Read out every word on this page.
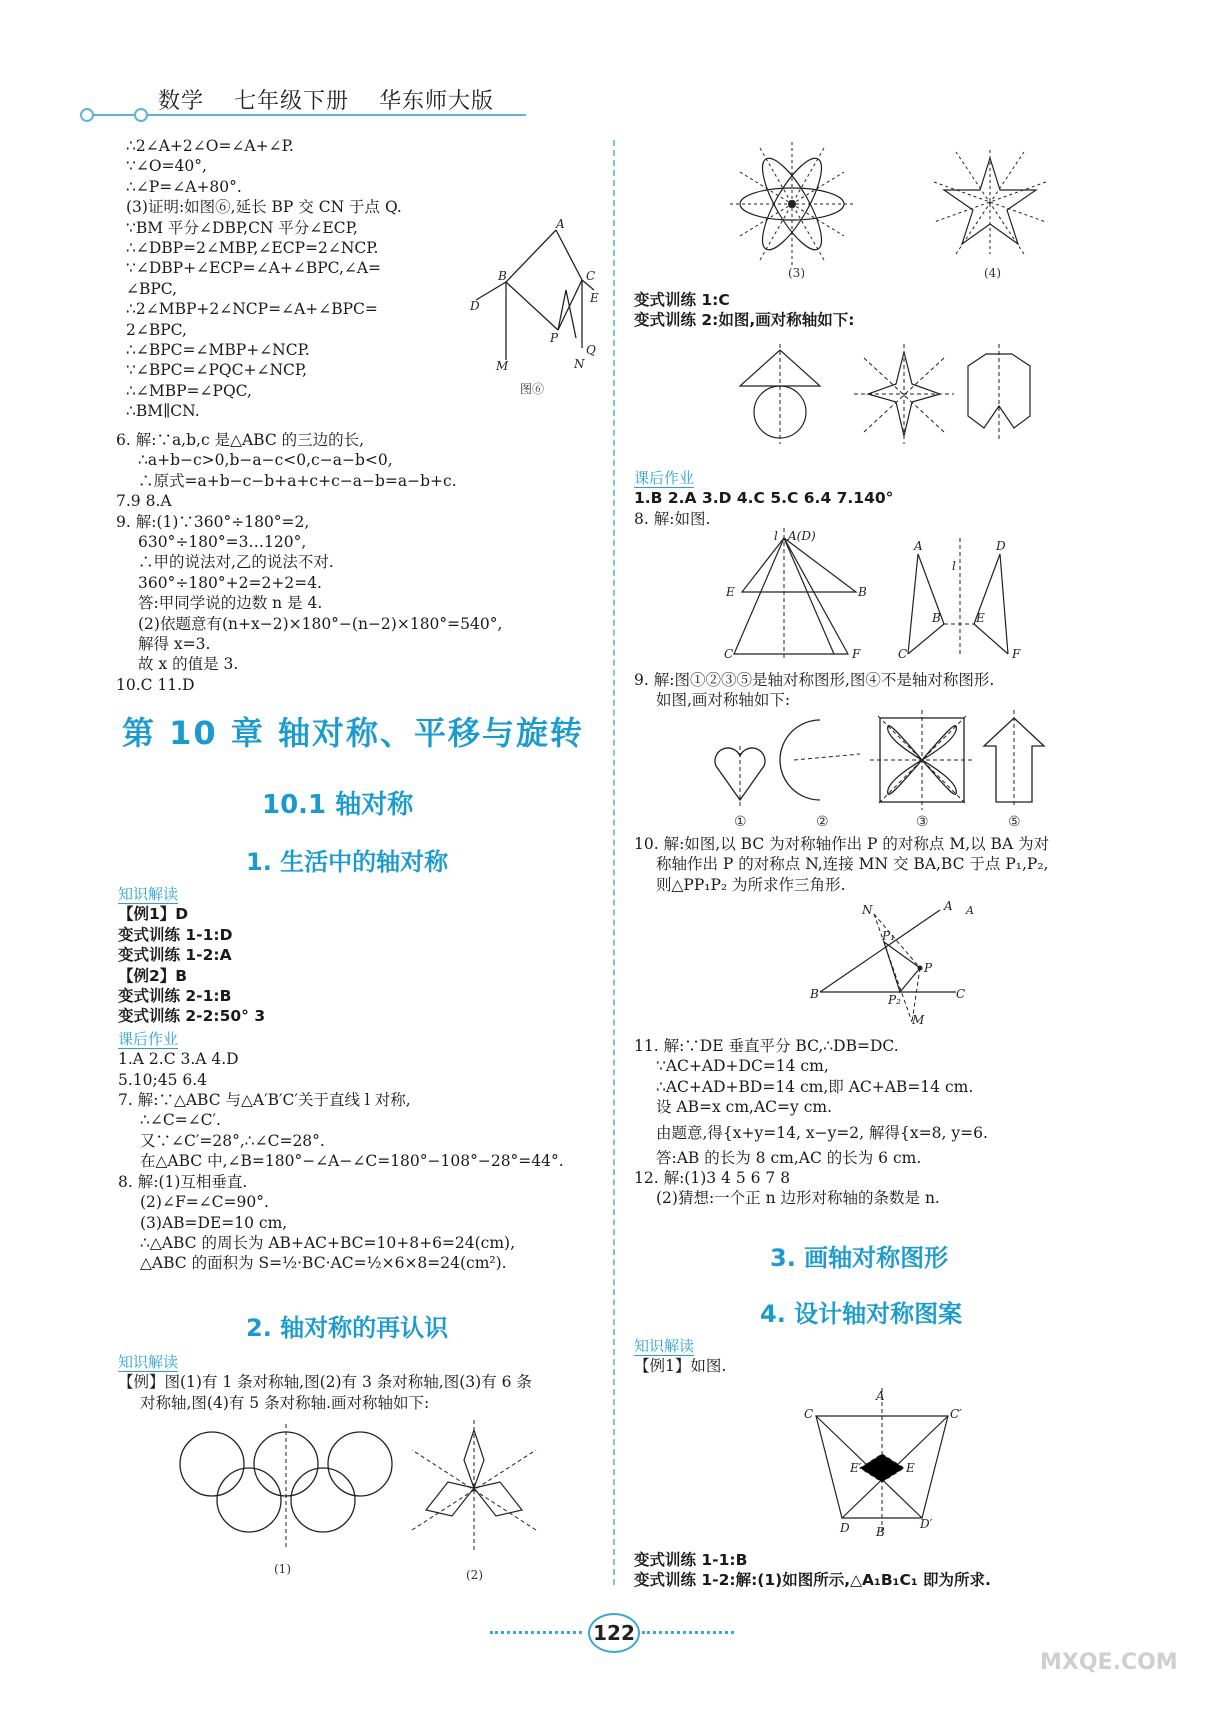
数学 七年级下册 华东师大版

∴2∠A+2∠O=∠A+∠P.

∵∠O=40°,

∴∠P=∠A+80°.

(3)证明:如图⑥,延长 BP 交 CN 于点 Q.

∵BM 平分∠DBP,CN 平分∠ECP,

∴∠DBP=2∠MBP,∠ECP=2∠NCP.

∵∠DBP+∠ECP=∠A+∠BPC,∠A=

∠BPC,

∴2∠MBP+2∠NCP=∠A+∠BPC=

2∠BPC,

∴∠BPC=∠MBP+∠NCP.

∵∠BPC=∠PQC+∠NCP,

∴∠MBP=∠PQC,

∴BM∥CN.

A
B	C
D
E
P
Q
N
M
图⑥

6. 解:∵a,b,c 是△ABC 的三边的长,

∴a+b−c>0,b−a−c<0,c−a−b<0,

∴原式=a+b−c−b+a+c+c−a−b=a−b+c.

7.9 8.A

9. 解:(1)∵360°÷180°=2,

630°÷180°=3…120°,

∴甲的说法对,乙的说法不对.

360°÷180°+2=2+2=4.

答:甲同学说的边数 n 是 4.

(2)依题意有(n+x−2)×180°−(n−2)×180°=540°,

解得 x=3.

故 x 的值是 3.

10.C 11.D

第 10 章 轴对称、平移与旋转
10.1 轴对称
1. 生活中的轴对称
知识解读

【例1】D

变式训练 1-1:D

变式训练 1-2:A

【例2】B

变式训练 2-1:B

变式训练 2-2:50° 3

课后作业

1.A 2.C 3.A 4.D

5.10;45 6.4

7. 解:∵△ABC 与△A′B′C′关于直线 l 对称,

∴∠C=∠C′.

又∵∠C′=28°,∴∠C=28°.

在△ABC 中,∠B=180°−∠A−∠C=180°−108°−28°=44°.

8. 解:(1)互相垂直.

(2)∠F=∠C=90°.

(3)AB=DE=10 cm,

∴△ABC 的周长为 AB+AC+BC=10+8+6=24(cm),

△ABC 的面积为 S=½·BC·AC=½×6×8=24(cm²).

2. 轴对称的再认识
知识解读

【例】图(1)有 1 条对称轴,图(2)有 3 条对称轴,图(3)有 6 条

对称轴,图(4)有 5 条对称轴.画对称轴如下:

(1)	(2)
(3)	(4)

变式训练 1:C

变式训练 2:如图,画对称轴如下:

课后作业

1.B 2.A 3.D 4.C 5.C 6.4 7.140°

8. 解:如图.

A(D)
l
E	B
C	F
A	D
l
B	E
C	F

9. 解:图①②③⑤是轴对称图形,图④不是轴对称图形.

如图,画对称轴如下:

①	②	③	⑤

10. 解:如图,以 BC 为对称轴作出 P 的对称点 M,以 BA 为对

称轴作出 P 的对称点 N,连接 MN 交 BA,BC 于点 P₁,P₂,

则△PP₁P₂ 为所求作三角形.

A
N
P₁
P
B	C
P₂
M
A

11. 解:∵DE 垂直平分 BC,∴DB=DC.

∵AC+AD+DC=14 cm,

∴AC+AD+BD=14 cm,即 AC+AB=14 cm.

设 AB=x cm,AC=y cm.

由题意,得{x+y=14, x−y=2, 解得{x=8, y=6.

答:AB 的长为 8 cm,AC 的长为 6 cm.

12. 解:(1)3 4 5 6 7 8

(2)猜想:一个正 n 边形对称轴的条数是 n.

3. 画轴对称图形
4. 设计轴对称图案
知识解读

【例1】如图.

A
C	C′
E′	E
D	D′
B

变式训练 1-1:B

变式训练 1-2:解:(1)如图所示,△A₁B₁C₁ 即为所求.

122
MXQE.COM
